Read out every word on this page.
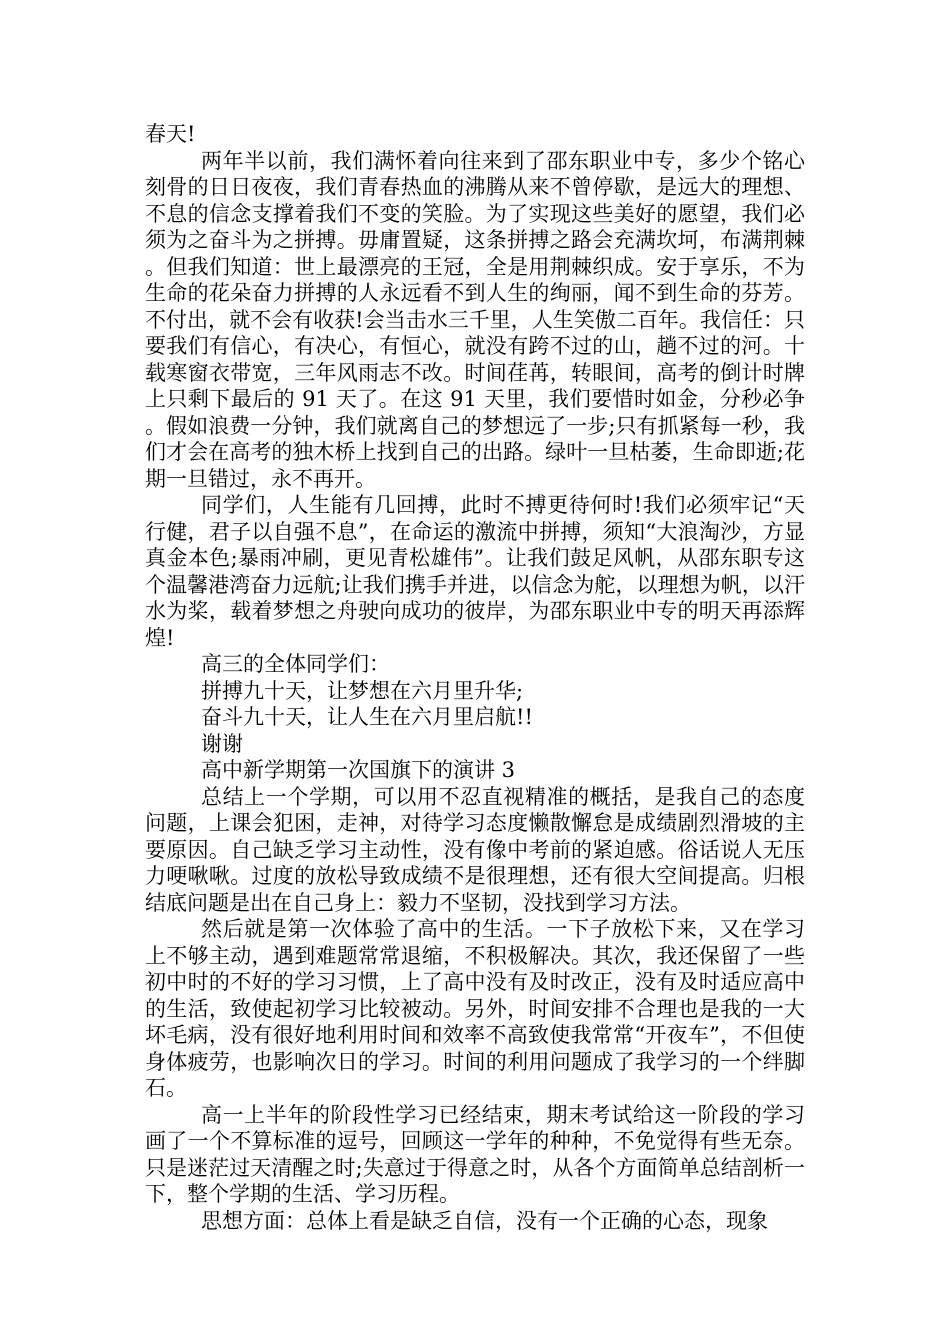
春天!

两年半以前，我们满怀着向往来到了邵东职业中专，多少个铭心刻骨的日日夜夜，我们青春热血的沸腾从来不曾停歇，是远大的理想、不息的信念支撑着我们不变的笑脸。为了实现这些美好的愿望，我们必须为之奋斗为之拼搏。毋庸置疑，这条拼搏之路会充满坎坷，布满荆棘。但我们知道：世上最漂亮的王冠，全是用荆棘织成。安于享乐，不为生命的花朵奋力拼搏的人永远看不到人生的绚丽，闻不到生命的芬芳。不付出，就不会有收获!会当击水三千里，人生笑傲二百年。我信任：只要我们有信心，有决心，有恒心，就没有跨不过的山，趟不过的河。十载寒窗衣带宽，三年风雨志不改。时间荏苒，转眼间，高考的倒计时牌上只剩下最后的 91 天了。在这 91 天里，我们要惜时如金，分秒必争。假如浪费一分钟，我们就离自己的梦想远了一步;只有抓紧每一秒，我们才会在高考的独木桥上找到自己的出路。绿叶一旦枯萎，生命即逝;花期一旦错过，永不再开。

同学们，人生能有几回搏，此时不搏更待何时!我们必须牢记“天行健，君子以自强不息”，在命运的激流中拼搏，须知“大浪淘沙，方显真金本色;暴雨冲刷，更见青松雄伟”。让我们鼓足风帆，从邵东职专这个温馨港湾奋力远航;让我们携手并进，以信念为舵，以理想为帆，以汗水为桨，载着梦想之舟驶向成功的彼岸，为邵东职业中专的明天再添辉煌!

高三的全体同学们：

拼搏九十天，让梦想在六月里升华;

奋斗九十天，让人生在六月里启航!!

谢谢

高中新学期第一次国旗下的演讲 3

总结上一个学期，可以用不忍直视精准的概括，是我自己的态度问题，上课会犯困，走神，对待学习态度懒散懈怠是成绩剧烈滑坡的主要原因。自己缺乏学习主动性，没有像中考前的紧迫感。俗话说人无压力哽啾啾。过度的放松导致成绩不是很理想，还有很大空间提高。归根结底问题是出在自己身上：毅力不坚韧，没找到学习方法。

然后就是第一次体验了高中的生活。一下子放松下来，又在学习上不够主动，遇到难题常常退缩，不积极解决。其次，我还保留了一些初中时的不好的学习习惯，上了高中没有及时改正，没有及时适应高中的生活，致使起初学习比较被动。另外，时间安排不合理也是我的一大坏毛病，没有很好地利用时间和效率不高致使我常常“开夜车”，不但使身体疲劳，也影响次日的学习。时间的利用问题成了我学习的一个绊脚石。

高一上半年的阶段性学习已经结束，期末考试给这一阶段的学习画了一个不算标准的逗号，回顾这一学年的种种，不免觉得有些无奈。只是迷茫过天清醒之时;失意过于得意之时，从各个方面简单总结剖析一下，整个学期的生活、学习历程。

思想方面：总体上看是缺乏自信，没有一个正确的心态，现象
